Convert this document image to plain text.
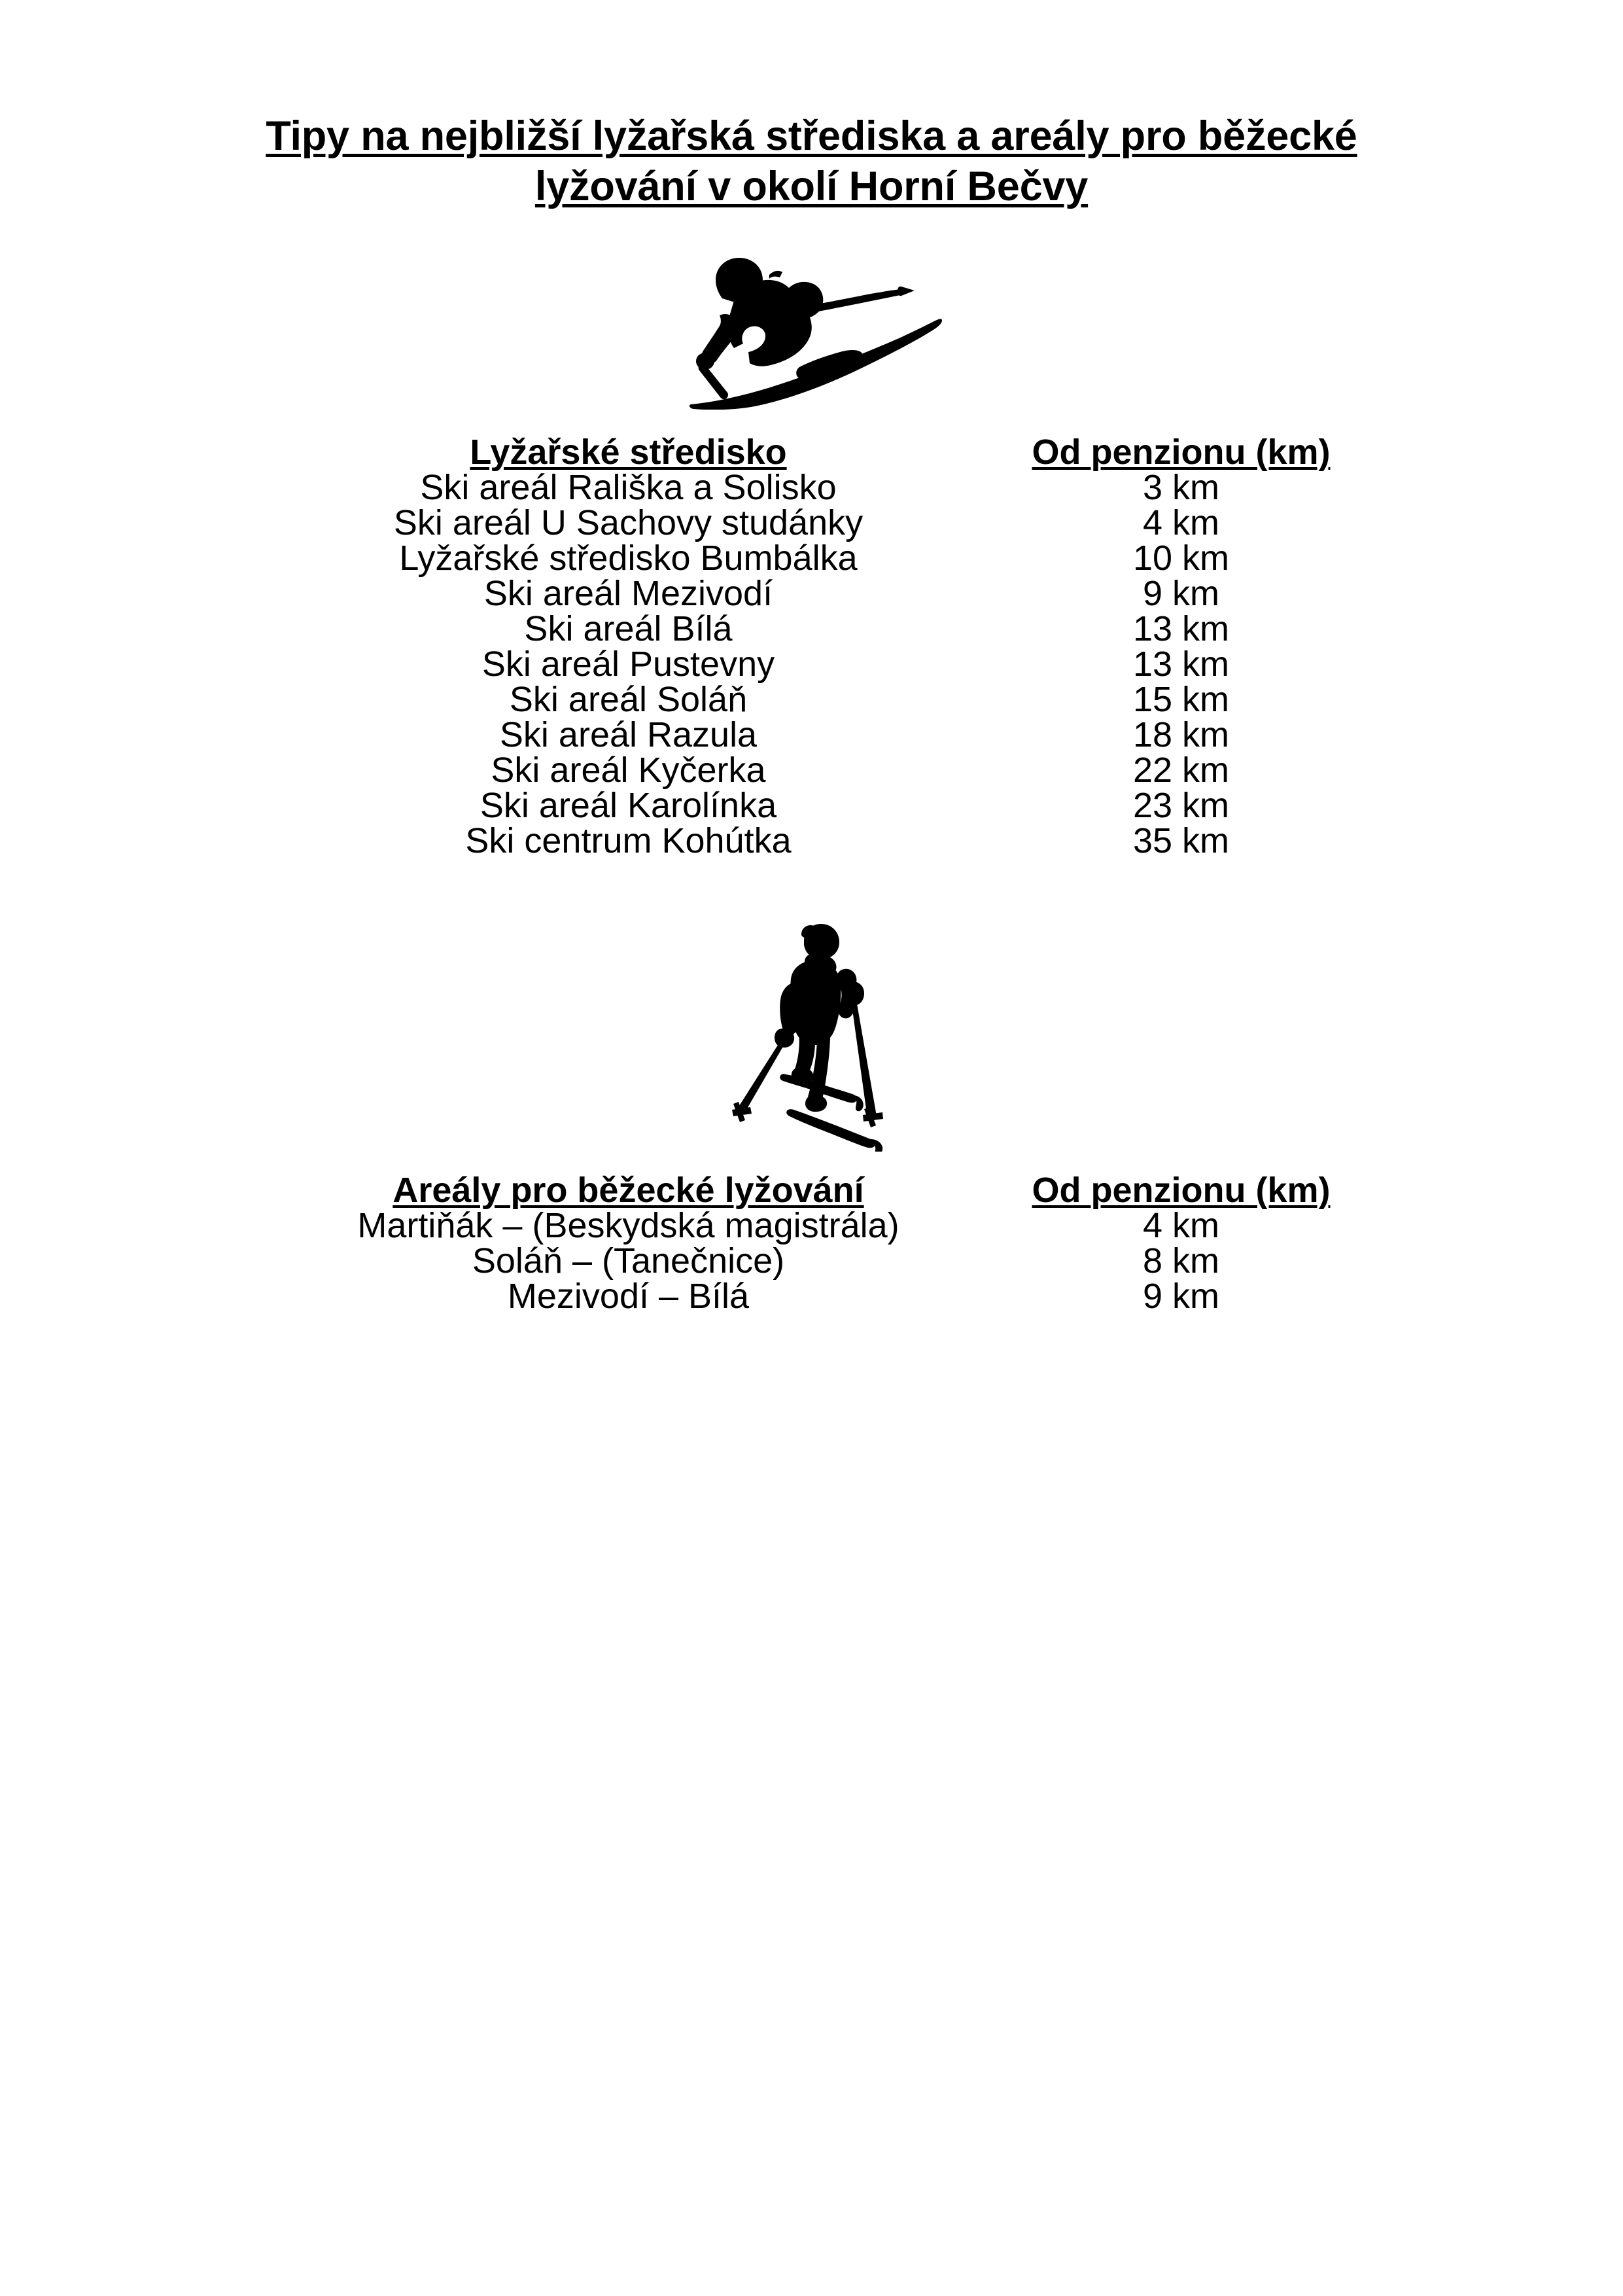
Tipy na nejbližší lyžařská střediska a areály pro běžecké
lyžování v okolí Horní Bečvy
Lyžařské středisko	Od penzionu (km)
Ski areál Rališka a Solisko	3 km
Ski areál U Sachovy studánky	4 km
Lyžařské středisko Bumbálka	10 km
Ski areál Mezivodí	9 km
Ski areál Bílá	13 km
Ski areál Pustevny	13 km
Ski areál Soláň	15 km
Ski areál Razula	18 km
Ski areál Kyčerka	22 km
Ski areál Karolínka	23 km
Ski centrum Kohútka	35 km
Areály pro běžecké lyžování	Od penzionu (km)
Martiňák – (Beskydská magistrála)	4 km
Soláň – (Tanečnice)	8 km
Mezivodí – Bílá	9 km
